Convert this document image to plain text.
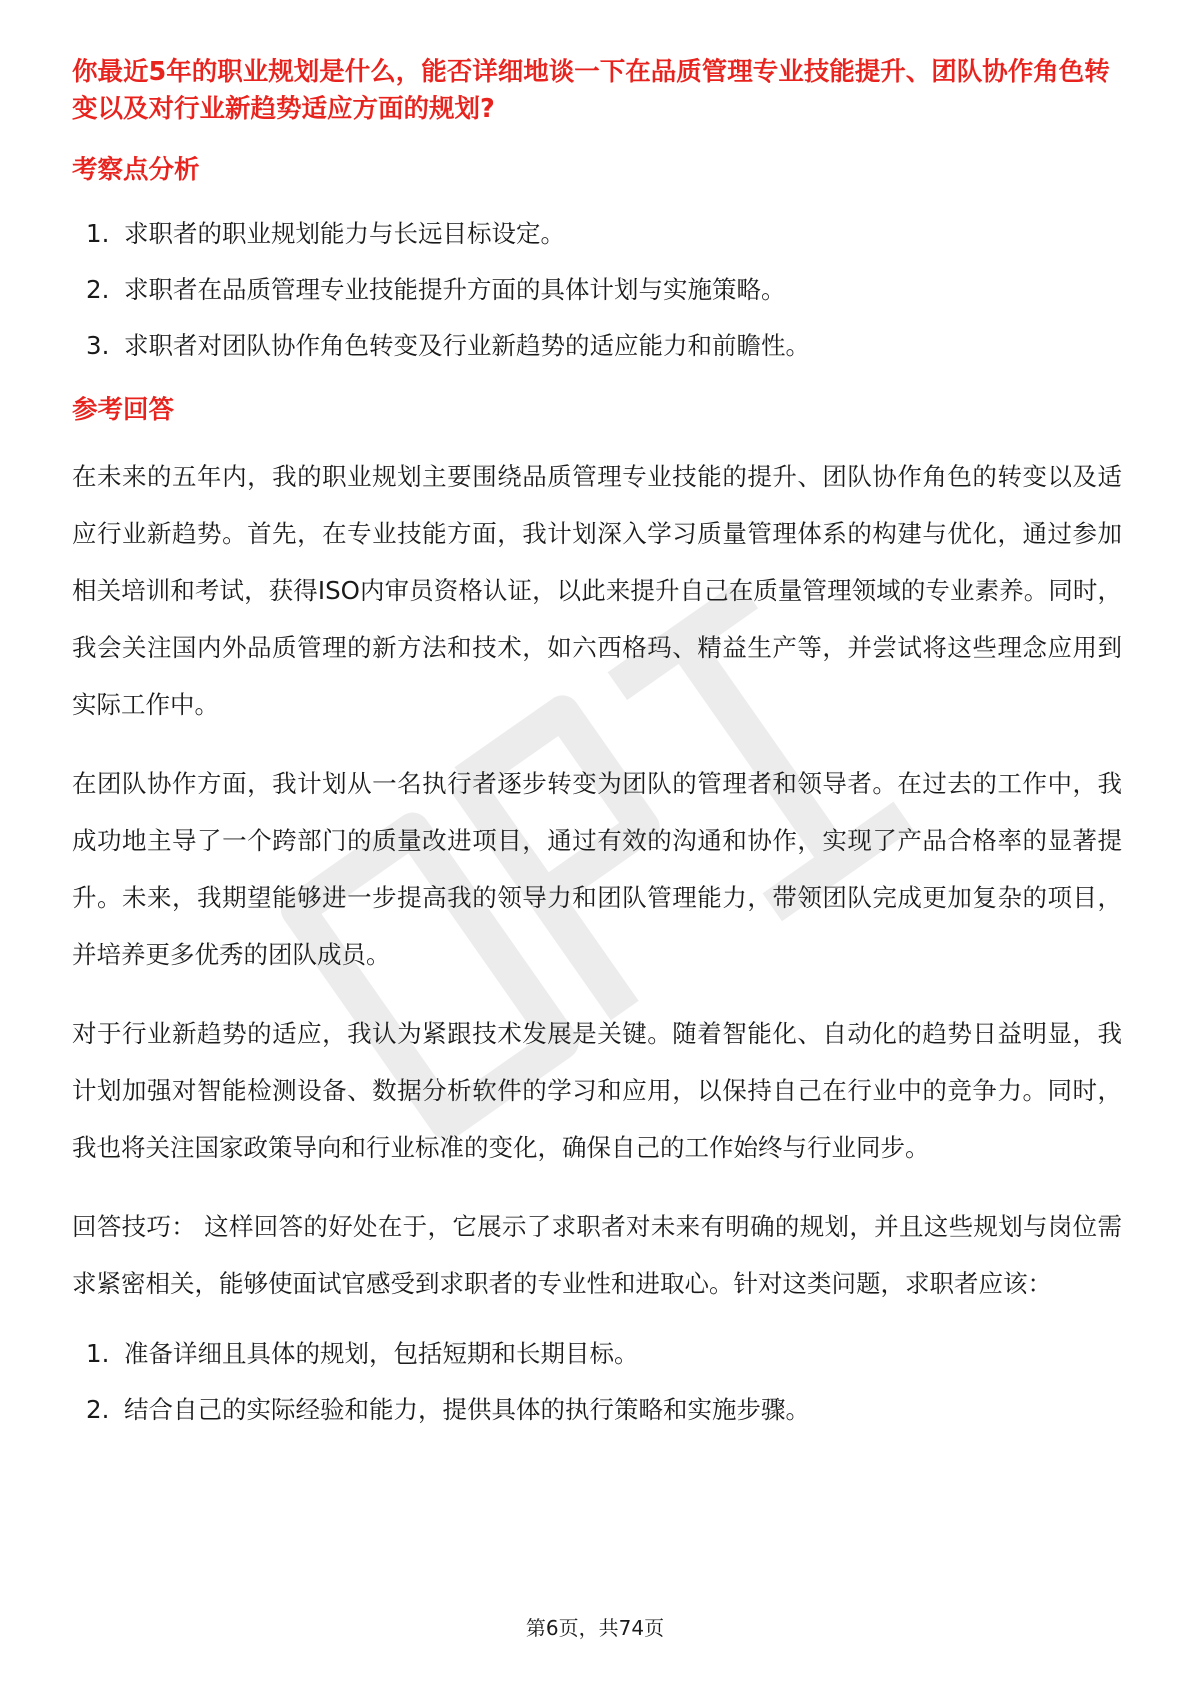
你最近5年的职业规划是什么，能否详细地谈一下在品质管理专业技能提升、团队协作角色转变以及对行业新趋势适应方面的规划?

考察点分析
1. 求职者的职业规划能力与长远目标设定。
2. 求职者在品质管理专业技能提升方面的具体计划与实施策略。
3. 求职者对团队协作角色转变及行业新趋势的适应能力和前瞻性。
参考回答

在未来的五年内，我的职业规划主要围绕品质管理专业技能的提升、团队协作角色的转变以及适应行业新趋势。首先，在专业技能方面，我计划深入学习质量管理体系的构建与优化，通过参加相关培训和考试，获得ISO内审员资格认证，以此来提升自己在质量管理领域的专业素养。同时，我会关注国内外品质管理的新方法和技术，如六西格玛、精益生产等，并尝试将这些理念应用到实际工作中。

在团队协作方面，我计划从一名执行者逐步转变为团队的管理者和领导者。在过去的工作中，我成功地主导了一个跨部门的质量改进项目，通过有效的沟通和协作，实现了产品合格率的显著提升。未来，我期望能够进一步提高我的领导力和团队管理能力，带领团队完成更加复杂的项目，并培养更多优秀的团队成员。

对于行业新趋势的适应，我认为紧跟技术发展是关键。随着智能化、自动化的趋势日益明显，我计划加强对智能检测设备、数据分析软件的学习和应用，以保持自己在行业中的竞争力。同时，我也将关注国家政策导向和行业标准的变化，确保自己的工作始终与行业同步。

回答技巧： 这样回答的好处在于，它展示了求职者对未来有明确的规划，并且这些规划与岗位需求紧密相关，能够使面试官感受到求职者的专业性和进取心。针对这类问题，求职者应该：

1. 准备详细且具体的规划，包括短期和长期目标。
2. 结合自己的实际经验和能力，提供具体的执行策略和实施步骤。
第6页，共74页
